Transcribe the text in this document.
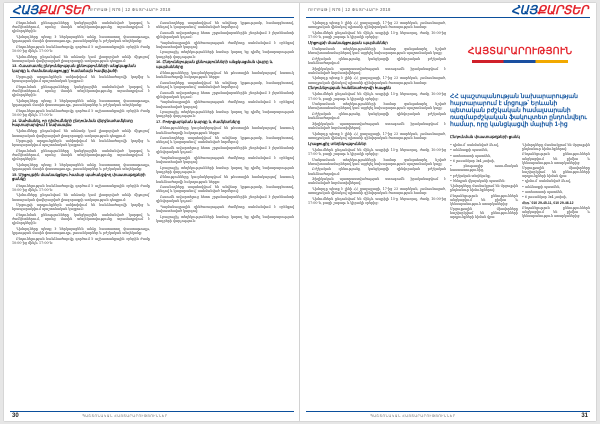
ՀԱՅՔԱՐՏԵՐ ՈՒՐԲԱԹ | N76 | 12 ՓԵՏՐՎԱՐԻ 2018

Ընդունման քննությունները կանցկացվեն սահմանված կարգով և ժամկետներում, որոնց մասին տեղեկատվությունը տրամադրվում է դիմորդներին:

Դիմորդները պետք է ներկայացնեն անձը հաստատող փաստաթուղթ, կրթության մասին փաստաթուղթ, լուսանկարներ և բժշկական տեղեկանք:

Ընդունելության հանձնաժողովը գործում է աշխատանքային օրերին ժամը 10:00-ից մինչև 17:00-ն:

Դիմումները ընդունվում են անձամբ կամ լիազորված անձի միջոցով՝ նոտարական վավերացված լիազորագրի առկայության դեպքում:

13. Հաստատել ընդունելության քննությունների անցկացման կարգը և ժամանակացույցը՝ համաձայն հավելվածի

Մրցույթի արդյունքներն ամփոփվում են հանձնաժողովի կողմից և հրապարակվում պաշտոնական կայքում:

Ընդունման քննությունները կանցկացվեն սահմանված կարգով և ժամկետներում, որոնց մասին տեղեկատվությունը տրամադրվում է դիմորդներին:

Դիմորդները պետք է ներկայացնեն անձը հաստատող փաստաթուղթ, կրթության մասին փաստաթուղթ, լուսանկարներ և բժշկական տեղեկանք:

Ընդունելության հանձնաժողովը գործում է աշխատանքային օրերին ժամը 10:00-ից մինչև 17:00-ն:

14. Սահմանել, որ դիմումների ընդունման վերջնաժամկետը հայտարարվում է նախապես

Դիմումները ընդունվում են անձամբ կամ լիազորված անձի միջոցով՝ նոտարական վավերացված լիազորագրի առկայության դեպքում:

Մրցույթի արդյունքներն ամփոփվում են հանձնաժողովի կողմից և հրապարակվում պաշտոնական կայքում:

Ընդունման քննությունները կանցկացվեն սահմանված կարգով և ժամկետներում, որոնց մասին տեղեկատվությունը տրամադրվում է դիմորդներին:

Դիմորդները պետք է ներկայացնեն անձը հաստատող փաստաթուղթ, կրթության մասին փաստաթուղթ, լուսանկարներ և բժշկական տեղեկանք:

15. Մրցույթին մասնակցելու համար պահանջվող փաստաթղթերի ցանկը

Ընդունելության հանձնաժողովը գործում է աշխատանքային օրերին ժամը 10:00-ից մինչև 17:00-ն:

Դիմումները ընդունվում են անձամբ կամ լիազորված անձի միջոցով՝ նոտարական վավերացված լիազորագրի առկայության դեպքում:

Մրցույթի արդյունքներն ամփոփվում են հանձնաժողովի կողմից և հրապարակվում պաշտոնական կայքում:

Ընդունման քննությունները կանցկացվեն սահմանված կարգով և ժամկետներում, որոնց մասին տեղեկատվությունը տրամադրվում է դիմորդներին:

Դիմորդները պետք է ներկայացնեն անձը հաստատող փաստաթուղթ, կրթության մասին փաստաթուղթ, լուսանկարներ և բժշկական տեղեկանք:

Ընդունելության հանձնաժողովը գործում է աշխատանքային օրերին ժամը 10:00-ից մինչև 17:00-ն:

Ուսանողները ապահովվում են անվճար կրթությամբ, համազգեստով, սննդով և կացարանով՝ սահմանված նորմերով:

Ուսումն ավարտելուց հետո շրջանավարտներին շնորհվում է լեյտենանտի զինվորական կոչում:

Պայմանագրային զինծառայության ժամկետը սահմանվում է օրենքով նախատեսված կարգով:

Լրացուցիչ տեղեկությունների համար կարող եք դիմել նախարարության կադրերի վարչություն:

16. Ընդունելության քննությունների անցկացման վայրը և պայմանները

Քննությունները կազմակերպվում են թեստային համակարգով՝ հատուկ հանձնաժողովի հսկողության ներքո:

Ուսանողները ապահովվում են անվճար կրթությամբ, համազգեստով, սննդով և կացարանով՝ սահմանված նորմերով:

Ուսումն ավարտելուց հետո շրջանավարտներին շնորհվում է լեյտենանտի զինվորական կոչում:

Պայմանագրային զինծառայության ժամկետը սահմանվում է օրենքով նախատեսված կարգով:

Լրացուցիչ տեղեկությունների համար կարող եք դիմել նախարարության կադրերի վարչություն:

17. Բողոքարկման կարգը և ժամկետները

Քննությունները կազմակերպվում են թեստային համակարգով՝ հատուկ հանձնաժողովի հսկողության ներքո:

Ուսանողները ապահովվում են անվճար կրթությամբ, համազգեստով, սննդով և կացարանով՝ սահմանված նորմերով:

Ուսումն ավարտելուց հետո շրջանավարտներին շնորհվում է լեյտենանտի զինվորական կոչում:

Պայմանագրային զինծառայության ժամկետը սահմանվում է օրենքով նախատեսված կարգով:

Լրացուցիչ տեղեկությունների համար կարող եք դիմել նախարարության կադրերի վարչություն:

Քննությունները կազմակերպվում են թեստային համակարգով՝ հատուկ հանձնաժողովի հսկողության ներքո:

Ուսանողները ապահովվում են անվճար կրթությամբ, համազգեստով, սննդով և կացարանով՝ սահմանված նորմերով:

Ուսումն ավարտելուց հետո շրջանավարտներին շնորհվում է լեյտենանտի զինվորական կոչում:

Պայմանագրային զինծառայության ժամկետը սահմանվում է օրենքով նախատեսված կարգով:

Լրացուցիչ տեղեկությունների համար կարող եք դիմել նախարարության կադրերի վարչություն:

30	ՊԱՇՏՈՆԱԿԱՆ ՀԱՅՏԱՐԱՐՈՒԹՅՈՒՆՆԵՐ
ՈՒՐԲԱԹ | N76 | 12 ՓԵՏՐՎԱՐԻ 2018	ՀԱՅՔԱՐՏԵՐ

Դիմորդը պետք է լինի ՀՀ քաղաքացի, 17-ից 23 տարեկան, չամուսնացած, առողջական վիճակով պիտանի զինվորական ծառայության համար:

Դիմումներն ընդունվում են մինչև ապրիլի 15-ը ներառյալ, ժամը 10:00-ից 17:00-ն, բացի շաբաթ և կիրակի օրերից:

Մրցույթի մասնակցության պայմաններ

Մանրամասն տեղեկությունների համար զանգահարել նշված հեռախոսահամարներով կամ այցելել նախարարության պաշտոնական կայք:

Բժշկական զննությունը կանցկացվի զինվորական բժշկական հանձնաժողովում:

Ֆիզիկական պատրաստվածության ստուգումն իրականացվում է սահմանված նորմատիվներով:

Դիմորդը պետք է լինի ՀՀ քաղաքացի, 17-ից 23 տարեկան, չամուսնացած, առողջական վիճակով պիտանի զինվորական ծառայության համար:

Ընդունելության հանձնաժողովի հասցեն

Դիմումներն ընդունվում են մինչև ապրիլի 15-ը ներառյալ, ժամը 10:00-ից 17:00-ն, բացի շաբաթ և կիրակի օրերից:

Մանրամասն տեղեկությունների համար զանգահարել նշված հեռախոսահամարներով կամ այցելել նախարարության պաշտոնական կայք:

Բժշկական զննությունը կանցկացվի զինվորական բժշկական հանձնաժողովում:

Ֆիզիկական պատրաստվածության ստուգումն իրականացվում է սահմանված նորմատիվներով:

Դիմորդը պետք է լինի ՀՀ քաղաքացի, 17-ից 23 տարեկան, չամուսնացած, առողջական վիճակով պիտանի զինվորական ծառայության համար:

Լրացուցիչ տեղեկություններ

Դիմումներն ընդունվում են մինչև ապրիլի 15-ը ներառյալ, ժամը 10:00-ից 17:00-ն, բացի շաբաթ և կիրակի օրերից:

Մանրամասն տեղեկությունների համար զանգահարել նշված հեռախոսահամարներով կամ այցելել նախարարության պաշտոնական կայք:

Բժշկական զննությունը կանցկացվի զինվորական բժշկական հանձնաժողովում:

Ֆիզիկական պատրաստվածության ստուգումն իրականացվում է սահմանված նորմատիվներով:

Դիմորդը պետք է լինի ՀՀ քաղաքացի, 17-ից 23 տարեկան, չամուսնացած, առողջական վիճակով պիտանի զինվորական ծառայության համար:

Դիմումներն ընդունվում են մինչև ապրիլի 15-ը ներառյալ, ժամը 10:00-ից 17:00-ն, բացի շաբաթ և կիրակի օրերից:

ՀԱՅՏԱՐԱՐՈՒԹՅՈՒՆ
ՀՀ պաշտպանության նախարարության հայտարարում է մրցույթ՝ Երևանի պետական բժշկական համալսարանի ռազմաբժշկական ֆակուլտետ ընդունվելու համար, որը կանցկացվի մայիսի 1-ից
Ընդունման փաստաթղթերի ցանկ

• դիմում՝ սահմանված ձևով,

• անձնագրի պատճեն,

• ատեստատի պատճեն,

• 6 լուսանկար 3x4 չափսի,

• բնութագիր ուսումնական հաստատությունից,

• բժշկական տեղեկանք,

• ծննդյան վկայականի պատճեն:

Դիմորդները մասնակցում են մրցույթին ընդհանուր հիմունքներով:

Ընդունելության քննություններն անցկացվում են քիմիա և կենսաբանություն առարկաներից:

Մրցույթային միավորները հաշվարկվում են քննությունների արդյունքների հիման վրա:

Դիմորդները մասնակցում են մրցույթին ընդհանուր հիմունքներով:

Ընդունելության քննություններն անցկացվում են քիմիա և կենսաբանություն առարկաներից:

Մրցույթային միավորները հաշվարկվում են քննությունների արդյունքների հիման վրա:

• դիմում՝ սահմանված ձևով,

• անձնագրի պատճեն,

• ատեստատի պատճեն,

• 6 լուսանկար 3x4 չափսի,

Հեռ.՝ 010 29-45-11, 010 29-46-12

Ընդունելության քննություններն անցկացվում են քիմիա և կենսաբանություն առարկաներից:

ՊԱՇՏՈՆԱԿԱՆ ՀԱՅՏԱՐԱՐՈՒԹՅՈՒՆՆԵՐ	31
